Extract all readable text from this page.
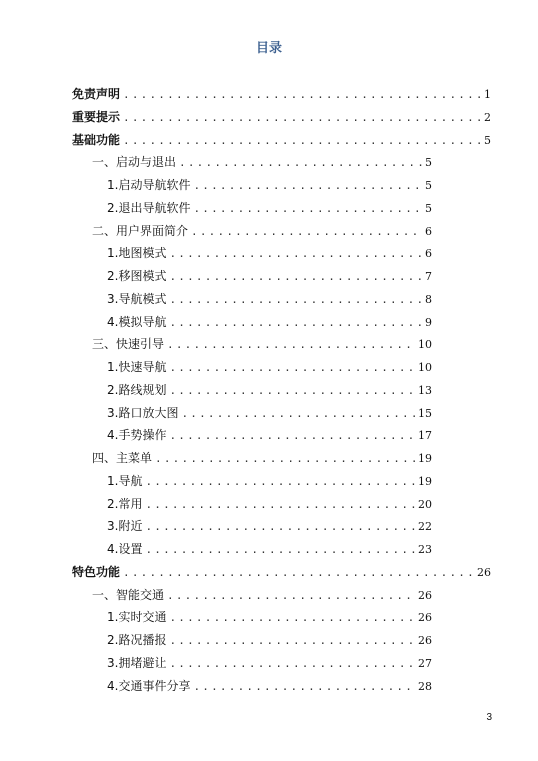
目录
免责声明 .....	1
重要提示 .....	2
基础功能 .....	5
一、 启动与退出 .....	5
1. 启动导航软件 .....	5
2. 退出导航软件 .....	5
二、 用户界面简介 .....	6
1. 地图模式 .....	6
2. 移图模式 .....	7
3. 导航模式 .....	8
4. 模拟导航 .....	9
三、 快速引导 .....	10
1. 快速导航 .....	10
2. 路线规划 .....	13
3. 路口放大图 .....	15
4. 手势操作 .....	17
四、 主菜单 .....	19
1. 导航 .....	19
2. 常用 .....	20
3. 附近 .....	22
4. 设置 .....	23
特色功能 .....	26
一、 智能交通 .....	26
1. 实时交通 .....	26
2. 路况播报 .....	26
3. 拥堵避让 .....	27
4. 交通事件分享 .....	28
3
